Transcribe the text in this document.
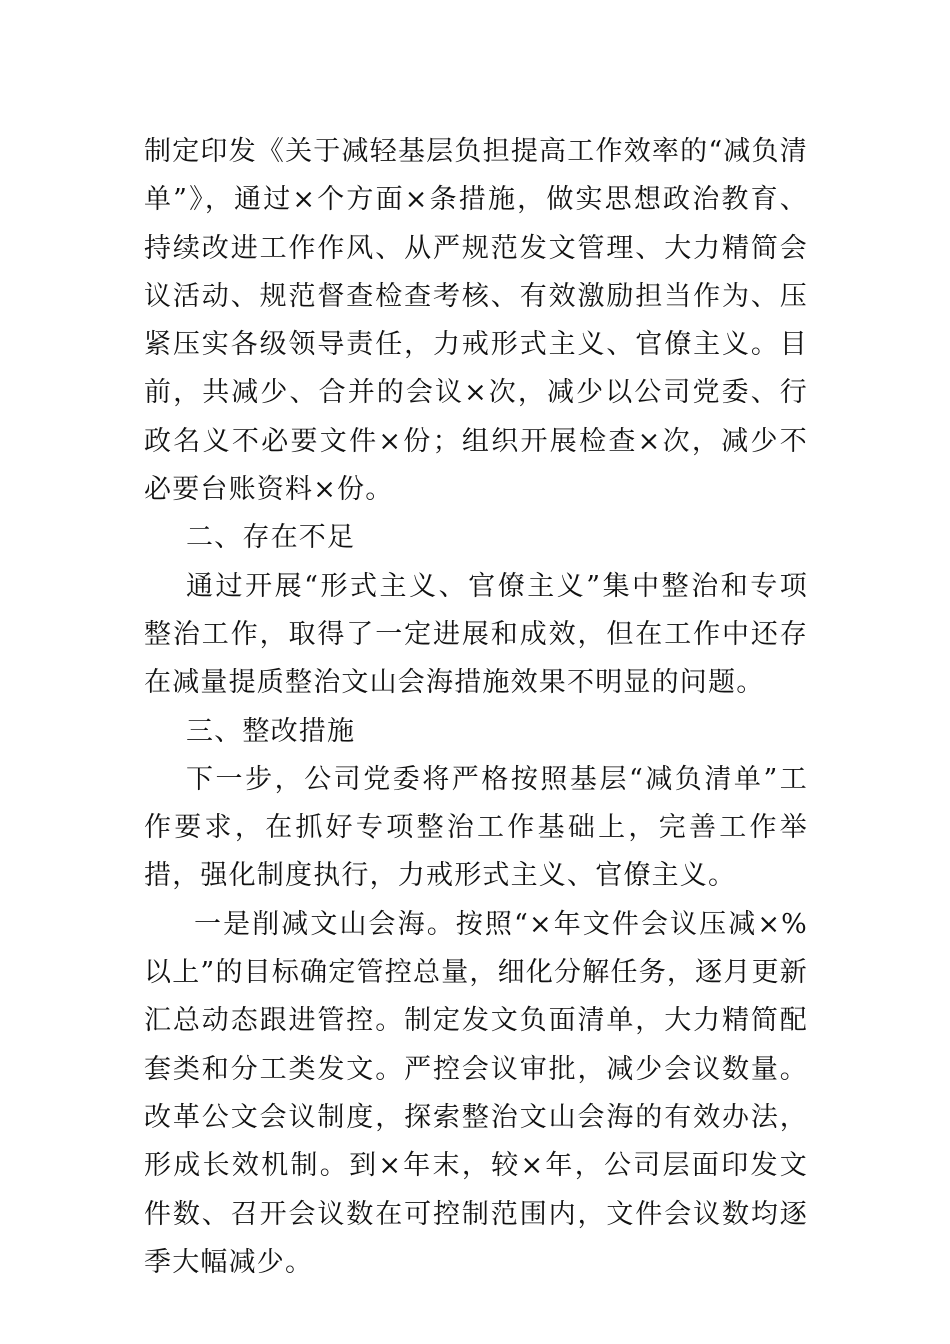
制定印发《关于减轻基层负担提高工作效率的“减负清单”》，通过×个方面×条措施，做实思想政治教育、持续改进工作作风、从严规范发文管理、大力精简会议活动、规范督查检查考核、有效激励担当作为、压紧压实各级领导责任，力戒形式主义、官僚主义。目前，共减少、合并的会议×次，减少以公司党委、行政名义不必要文件×份；组织开展检查×次，减少不必要台账资料×份。

二、存在不足

通过开展“形式主义、官僚主义”集中整治和专项整治工作，取得了一定进展和成效，但在工作中还存在减量提质整治文山会海措施效果不明显的问题。

三、整改措施

下一步，公司党委将严格按照基层“减负清单”工作要求，在抓好专项整治工作基础上，完善工作举措，强化制度执行，力戒形式主义、官僚主义。

一是削减文山会海。按照“×年文件会议压减×%以上”的目标确定管控总量，细化分解任务，逐月更新汇总动态跟进管控。制定发文负面清单，大力精简配套类和分工类发文。严控会议审批，减少会议数量。改革公文会议制度，探索整治文山会海的有效办法，形成长效机制。到×年末，较×年，公司层面印发文件数、召开会议数在可控制范围内，文件会议数均逐季大幅减少。
